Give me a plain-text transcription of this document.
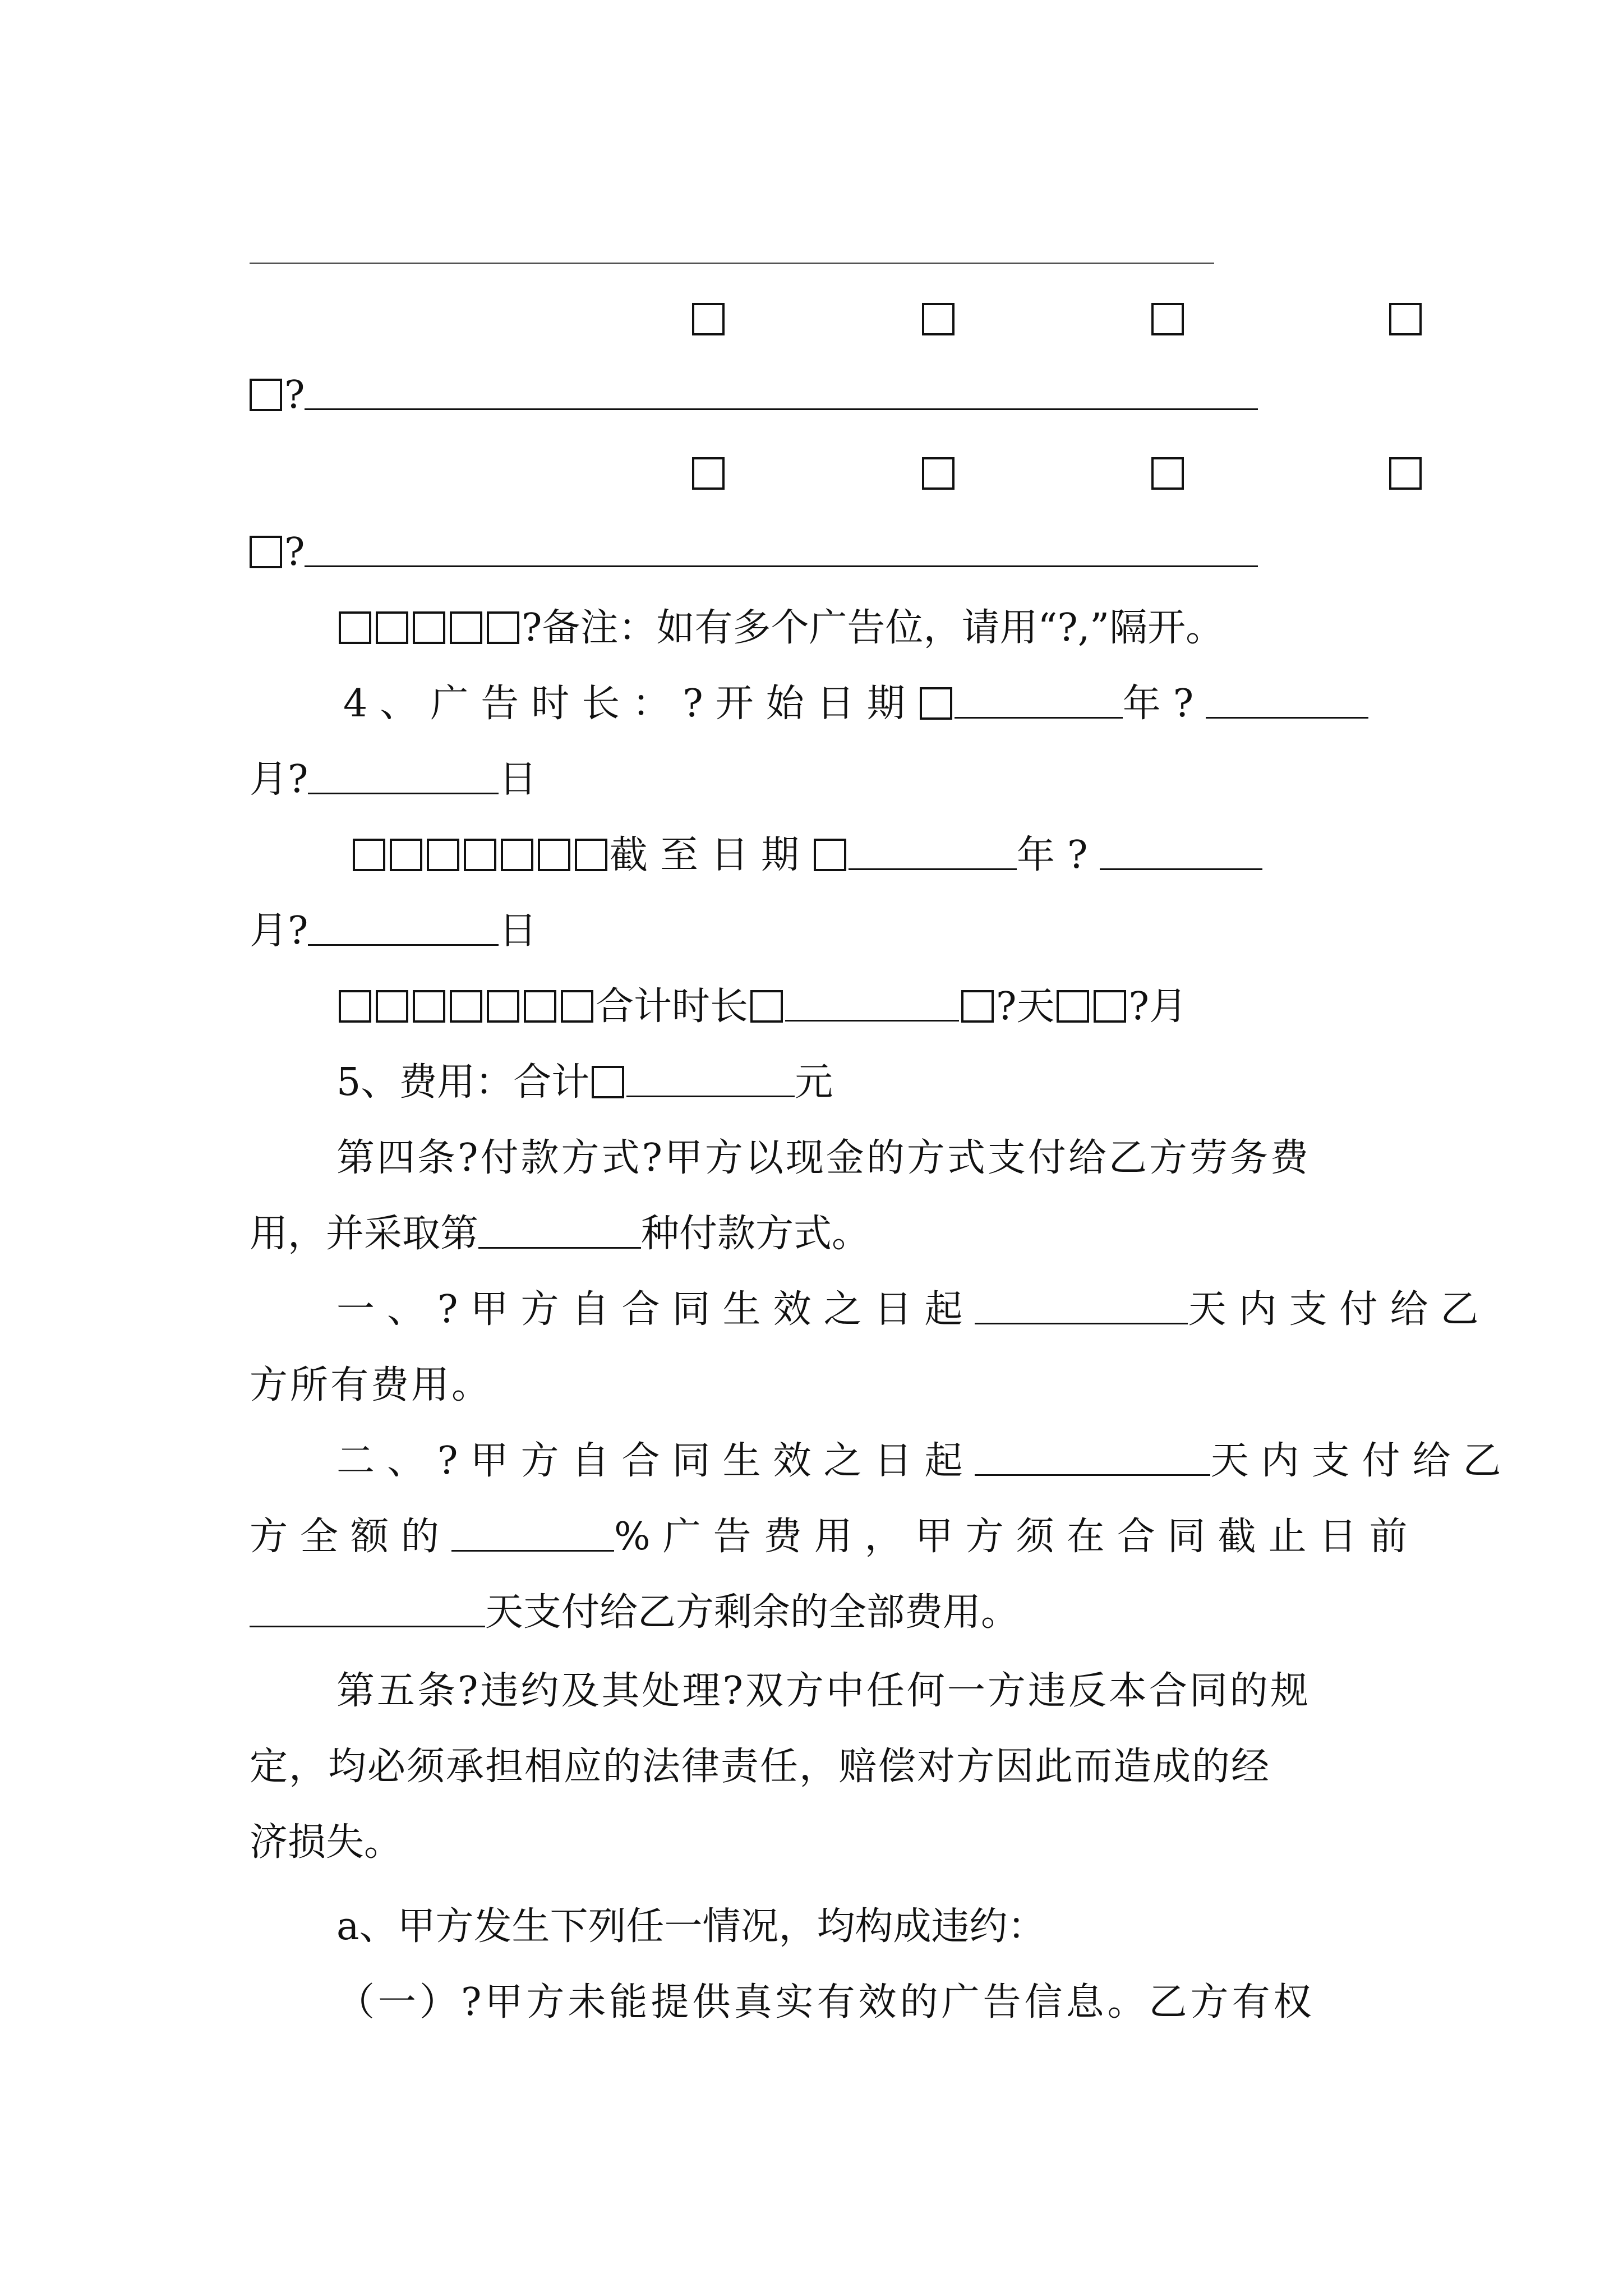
?

?
?备注：如有多个广告位，请用“?,”隔开。
4、广告时长：?开始日期	年?
月?	日
截至日期	年?
月?	日
合计时长	?天 ?月
5、费用：合计	元
第四条?付款方式?甲方以现金的方式支付给乙方劳务费
用，并采取第	种付款方式。
一、?甲方自合同生效之日起	天内支付给乙
方所有费用。
二、?甲方自合同生效之日起	天内支付给乙
方全额的	%广告费用，甲方须在合同截止日前
天支付给乙方剩余的全部费用。
第五条?违约及其处理?双方中任何一方违反本合同的规
定，均必须承担相应的法律责任，赔偿对方因此而造成的经
济损失。
a、甲方发生下列任一情况，均构成违约：
（一）?甲方未能提供真实有效的广告信息。乙方有权
